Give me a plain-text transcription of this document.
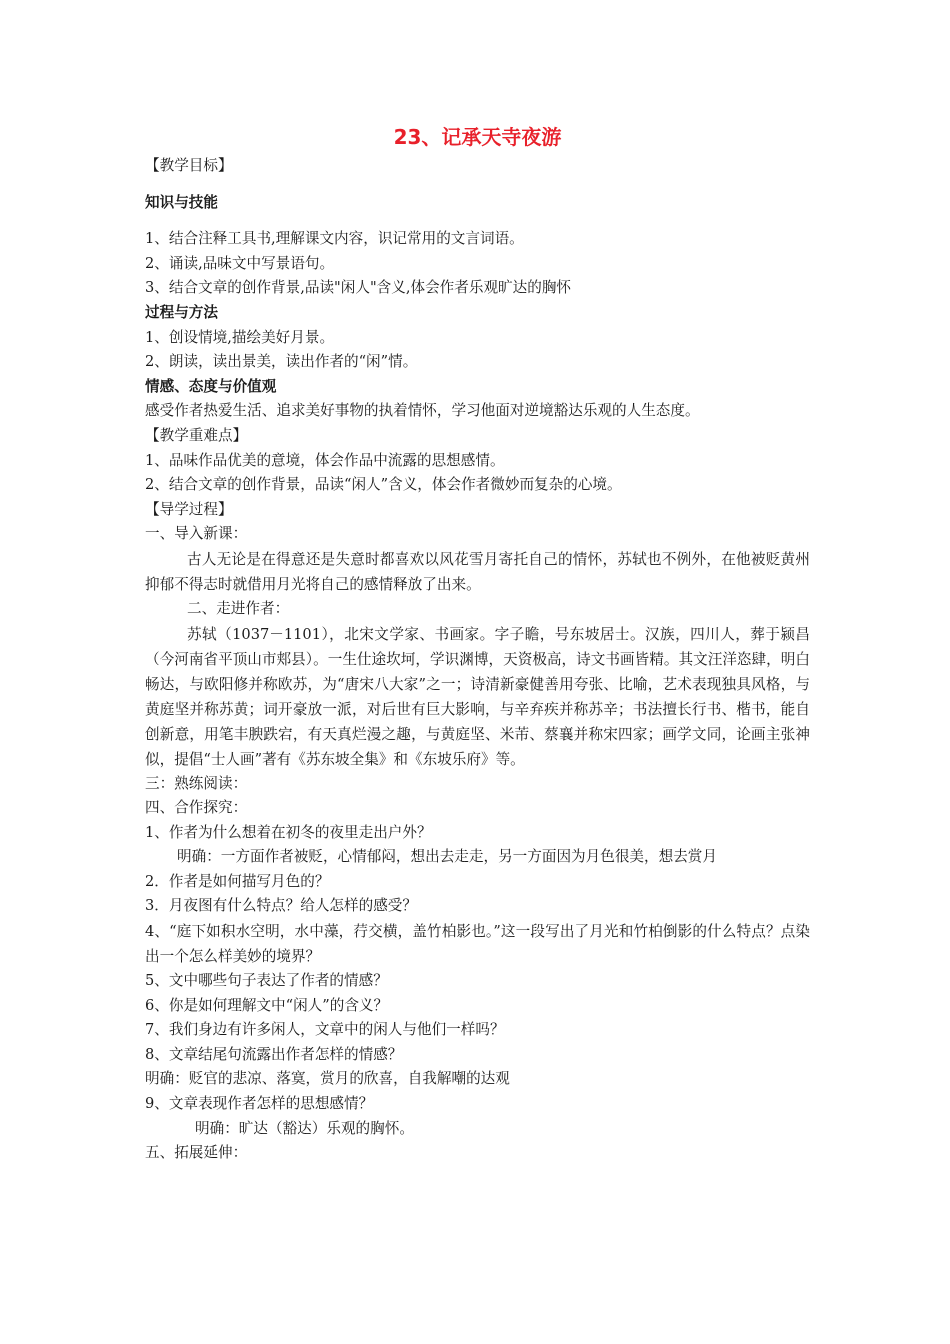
23、记承天寺夜游
【教学目标】
知识与技能
1、结合注释工具书,理解课文内容，识记常用的文言词语。
2、诵读,品味文中写景语句。
3、结合文章的创作背景,品读"闲人"含义,体会作者乐观旷达的胸怀
过程与方法
1、创设情境,描绘美好月景。
2、朗读，读出景美，读出作者的“闲”情。
情感、态度与价值观
感受作者热爱生活、追求美好事物的执着情怀，学习他面对逆境豁达乐观的人生态度。
【教学重难点】
1、品味作品优美的意境，体会作品中流露的思想感情。
2、结合文章的创作背景，品读“闲人”含义，体会作者微妙而复杂的心境。
【导学过程】
一、导入新课：
古人无论是在得意还是失意时都喜欢以风花雪月寄托自己的情怀，苏轼也不例外，在他被贬黄州抑郁不得志时就借用月光将自己的感情释放了出来。
二、走进作者：
苏轼（1037－1101），北宋文学家、书画家。字子瞻，号东坡居士。汉族，四川人，葬于颍昌（今河南省平顶山市郏县）。一生仕途坎坷，学识渊博，天资极高，诗文书画皆精。其文汪洋恣肆，明白畅达，与欧阳修并称欧苏，为“唐宋八大家”之一；诗清新豪健善用夸张、比喻，艺术表现独具风格，与黄庭坚并称苏黄；词开豪放一派，对后世有巨大影响，与辛弃疾并称苏辛；书法擅长行书、楷书，能自创新意，用笔丰腴跌宕，有天真烂漫之趣，与黄庭坚、米芾、蔡襄并称宋四家；画学文同，论画主张神似，提倡“士人画”著有《苏东坡全集》和《东坡乐府》等。
三：熟练阅读：
四、合作探究：
1、作者为什么想着在初冬的夜里走出户外？
明确：一方面作者被贬，心情郁闷，想出去走走，另一方面因为月色很美，想去赏月
2．作者是如何描写月色的？
3．月夜图有什么特点？给人怎样的感受？
4、“庭下如积水空明，水中藻，荇交横，盖竹柏影也。”这一段写出了月光和竹柏倒影的什么特点？点染出一个怎么样美妙的境界？
5、文中哪些句子表达了作者的情感？
6、你是如何理解文中“闲人”的含义？
7、我们身边有许多闲人，文章中的闲人与他们一样吗？
8、文章结尾句流露出作者怎样的情感？
明确：贬官的悲凉、落寞，赏月的欣喜，自我解嘲的达观
9、文章表现作者怎样的思想感情？
明确：旷达（豁达）乐观的胸怀。
五、拓展延伸：
